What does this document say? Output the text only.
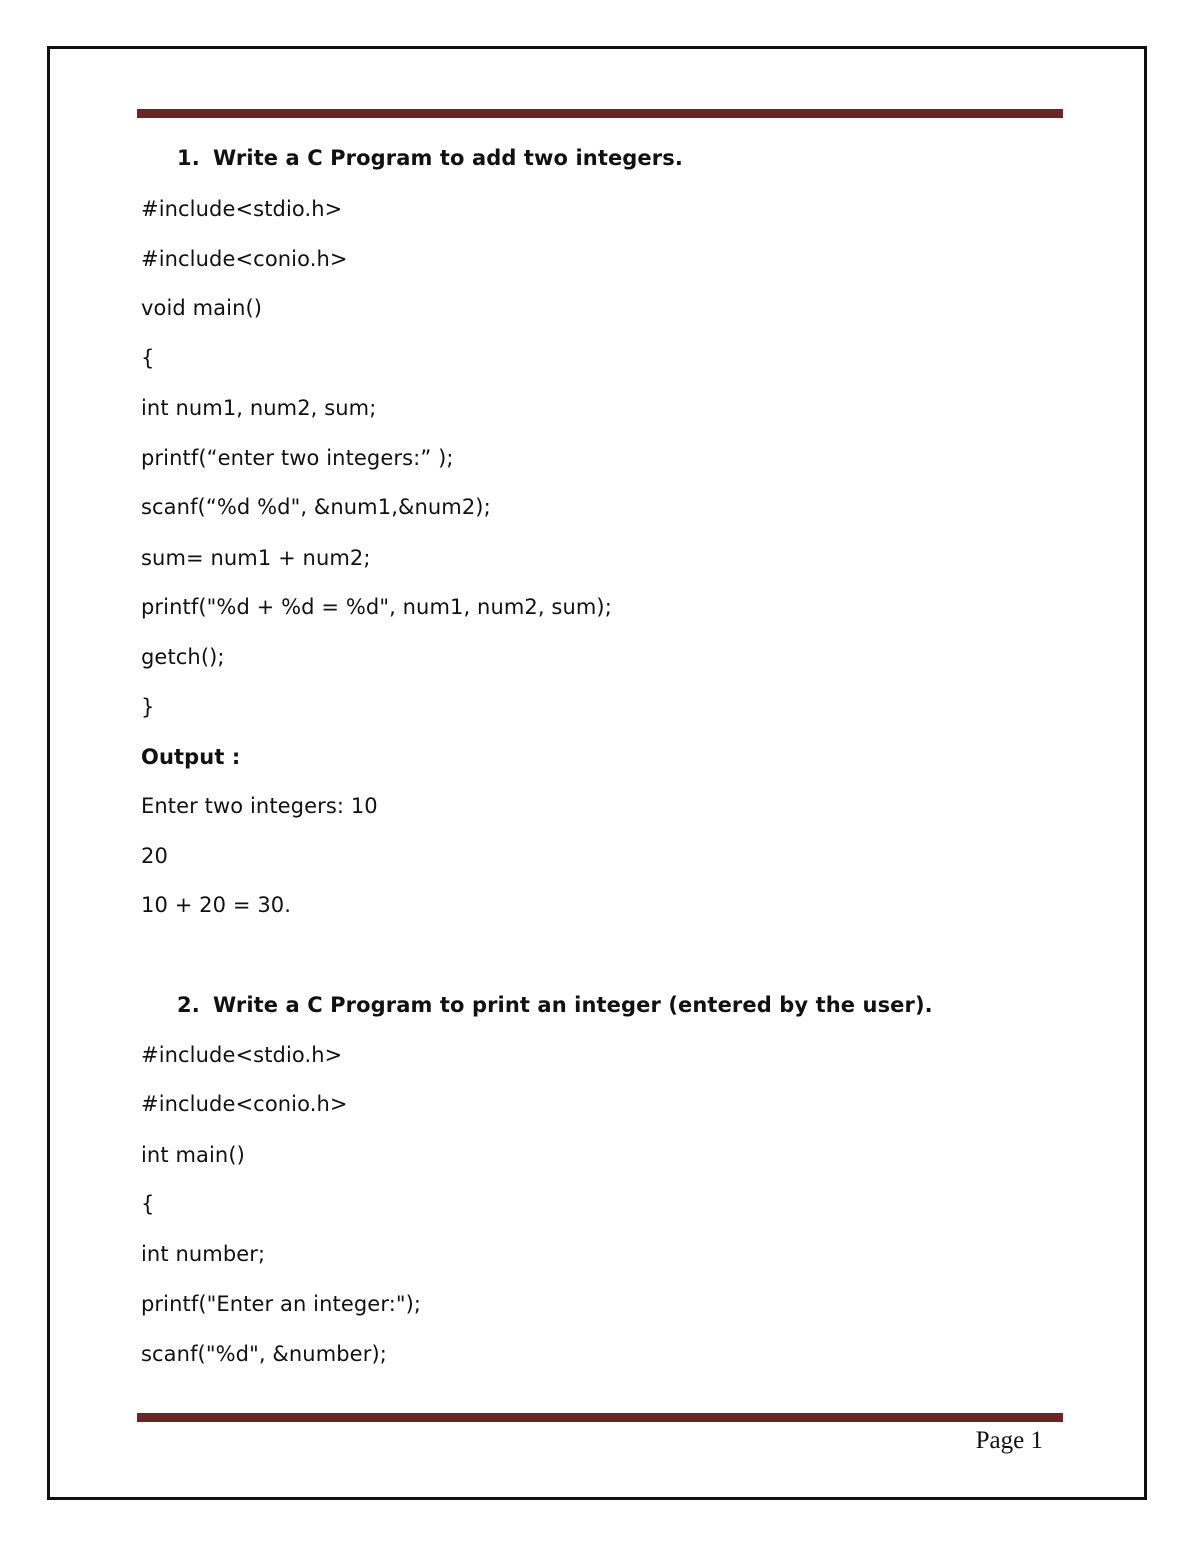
1. Write a C Program to add two integers.
#include<stdio.h>
#include<conio.h>
void main()
{
int num1, num2, sum;
printf(“enter two integers:” );
scanf(“%d %d", &num1,&num2);
sum= num1 + num2;
printf("%d + %d = %d", num1, num2, sum);
getch();
}
Output :
Enter two integers: 10
20
10 + 20 = 30.
2. Write a C Program to print an integer (entered by the user).
#include<stdio.h>
#include<conio.h>
int main()
{
int number;
printf("Enter an integer:");
scanf("%d", &number);
Page 1
